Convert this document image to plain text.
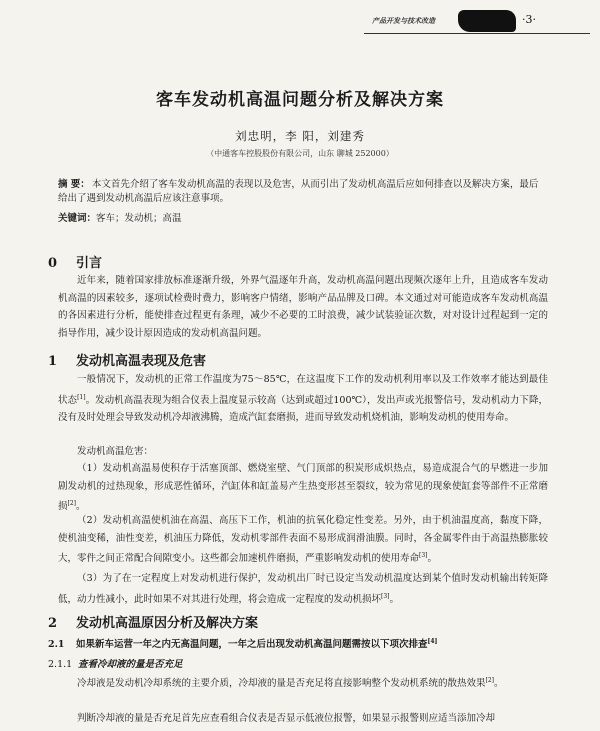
产品开发与技术改造	·3·
客车发动机高温问题分析及解决方案
刘忠明，李 阳，刘建秀
（中通客车控股股份有限公司，山东 聊城 252000）
摘 要： 本文首先介绍了客车发动机高温的表现以及危害，从而引出了发动机高温后应如何排查以及解决方案，最后给出了遇到发动机高温后应该注意事项。
关键词：客车；发动机；高温
0 引言
近年来，随着国家排放标准逐渐升级，外界气温逐年升高，发动机高温问题出现频次逐年上升，且造成客车发动机高温的因素较多，逐项试检费时费力，影响客户情绪，影响产品品牌及口碑。本文通过对可能造成客车发动机高温的各因素进行分析，能使排查过程更有条理，减少不必要的工时浪费，减少试装验证次数，对对设计过程起到一定的指导作用，减少设计原因造成的发动机高温问题。
1 发动机高温表现及危害
一般情况下，发动机的正常工作温度为75～85℃，在这温度下工作的发动机利用率以及工作效率才能达到最佳状态[1]。发动机高温表现为组合仪表上温度显示较高（达到或超过100℃），发出声或光报警信号，发动机动力下降，没有及时处理会导致发动机冷却液沸腾，造成汽缸套磨损，进而导致发动机烧机油，影响发动机的使用寿命。
发动机高温危害：
（1）发动机高温易使积存于活塞顶部、燃烧室壁、气门顶部的积炭形成炽热点，易造成混合气的早燃进一步加剧发动机的过热现象，形成恶性循环，汽缸体和缸盖易产生热变形甚至裂纹，较为常见的现象使缸套等部件不正常磨损[2]。
（2）发动机高温使机油在高温、高压下工作，机油的抗氧化稳定性变差。另外，由于机油温度高，黏度下降，使机油变稀，油性变差，机油压力降低，发动机零部件表面不易形成润滑油膜。同时，各金属零件由于高温热膨胀较大，零件之间正常配合间隙变小。这些都会加速机件磨损，严重影响发动机的使用寿命[3]。
（3）为了在一定程度上对发动机进行保护，发动机出厂时已设定当发动机温度达到某个值时发动机输出转矩降低，动力性减小，此时如果不对其进行处理，将会造成一定程度的发动机损坏[3]。
2 发动机高温原因分析及解决方案
2.1 如果新车运营一年之内无高温问题，一年之后出现发动机高温问题需按以下项次排查[4]
2.1.1 查看冷却液的量是否充足
冷却液是发动机冷却系统的主要介质，冷却液的量是否充足将直接影响整个发动机系统的散热效果[2]。
判断冷却液的量是否充足首先应查看组合仪表是否显示低液位报警，如果显示报警则应适当添加冷却
